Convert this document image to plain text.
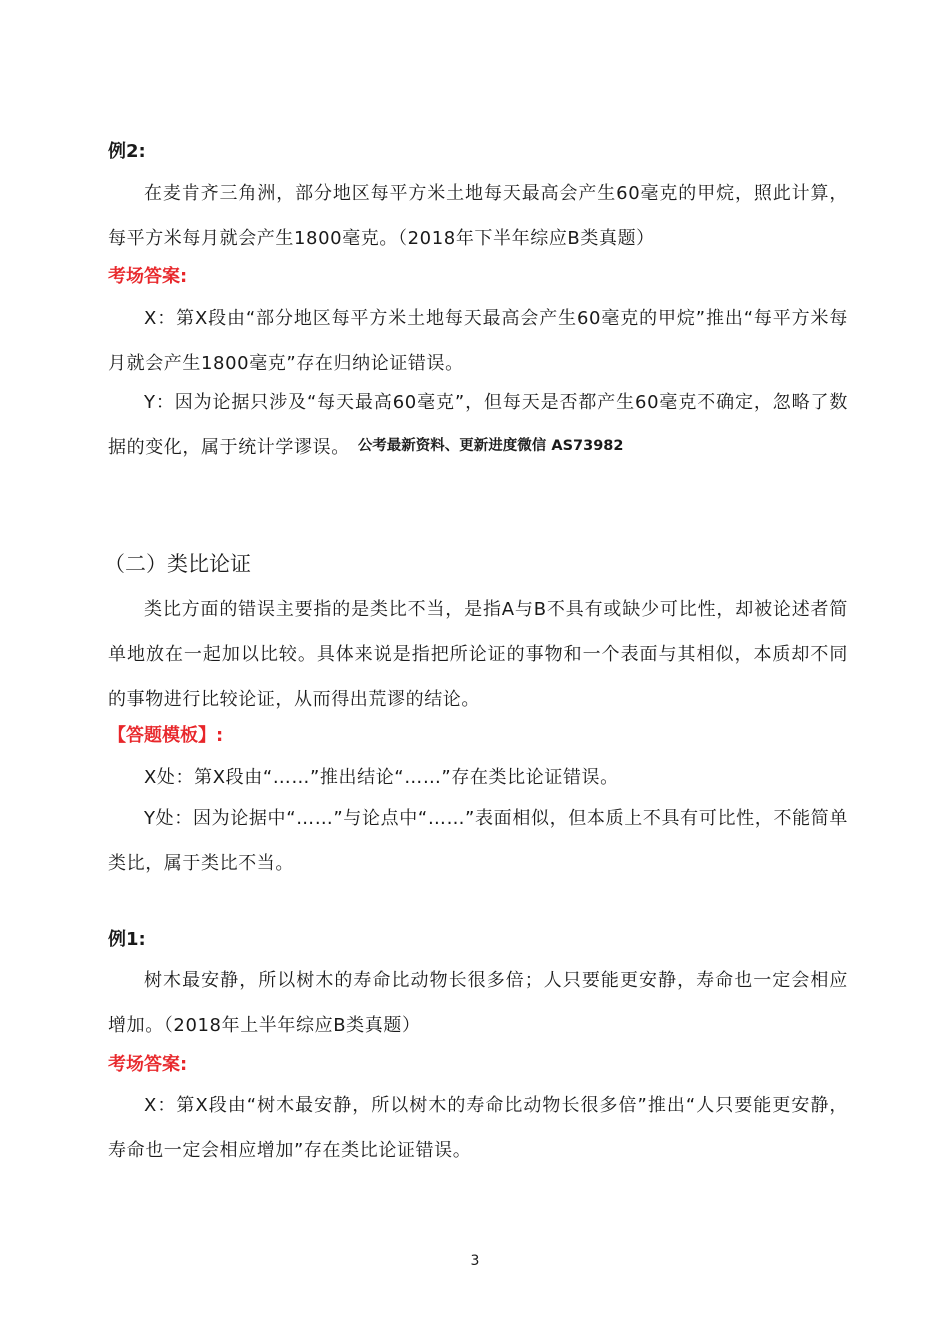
例2:

在麦肯齐三角洲，部分地区每平方米土地每天最高会产生60毫克的甲烷，照此计算，每平方米每月就会产生1800毫克。（2018年下半年综应B类真题）

考场答案:

X：第X段由“部分地区每平方米土地每天最高会产生60毫克的甲烷”推出“每平方米每月就会产生1800毫克”存在归纳论证错误。

Y：因为论据只涉及“每天最高60毫克”，但每天是否都产生60毫克不确定，忽略了数据的变化，属于统计学谬误。 公考最新资料、更新进度微信 AS73982

（二）类比论证

类比方面的错误主要指的是类比不当，是指A与B不具有或缺少可比性，却被论述者简单地放在一起加以比较。具体来说是指把所论证的事物和一个表面与其相似，本质却不同的事物进行比较论证，从而得出荒谬的结论。

【答题模板】:

X处：第X段由“……”推出结论“……”存在类比论证错误。

Y处：因为论据中“……”与论点中“……”表面相似，但本质上不具有可比性，不能简单类比，属于类比不当。

例1:

树木最安静，所以树木的寿命比动物长很多倍；人只要能更安静，寿命也一定会相应增加。（2018年上半年综应B类真题）

考场答案:

X：第X段由“树木最安静，所以树木的寿命比动物长很多倍”推出“人只要能更安静，寿命也一定会相应增加”存在类比论证错误。

3
